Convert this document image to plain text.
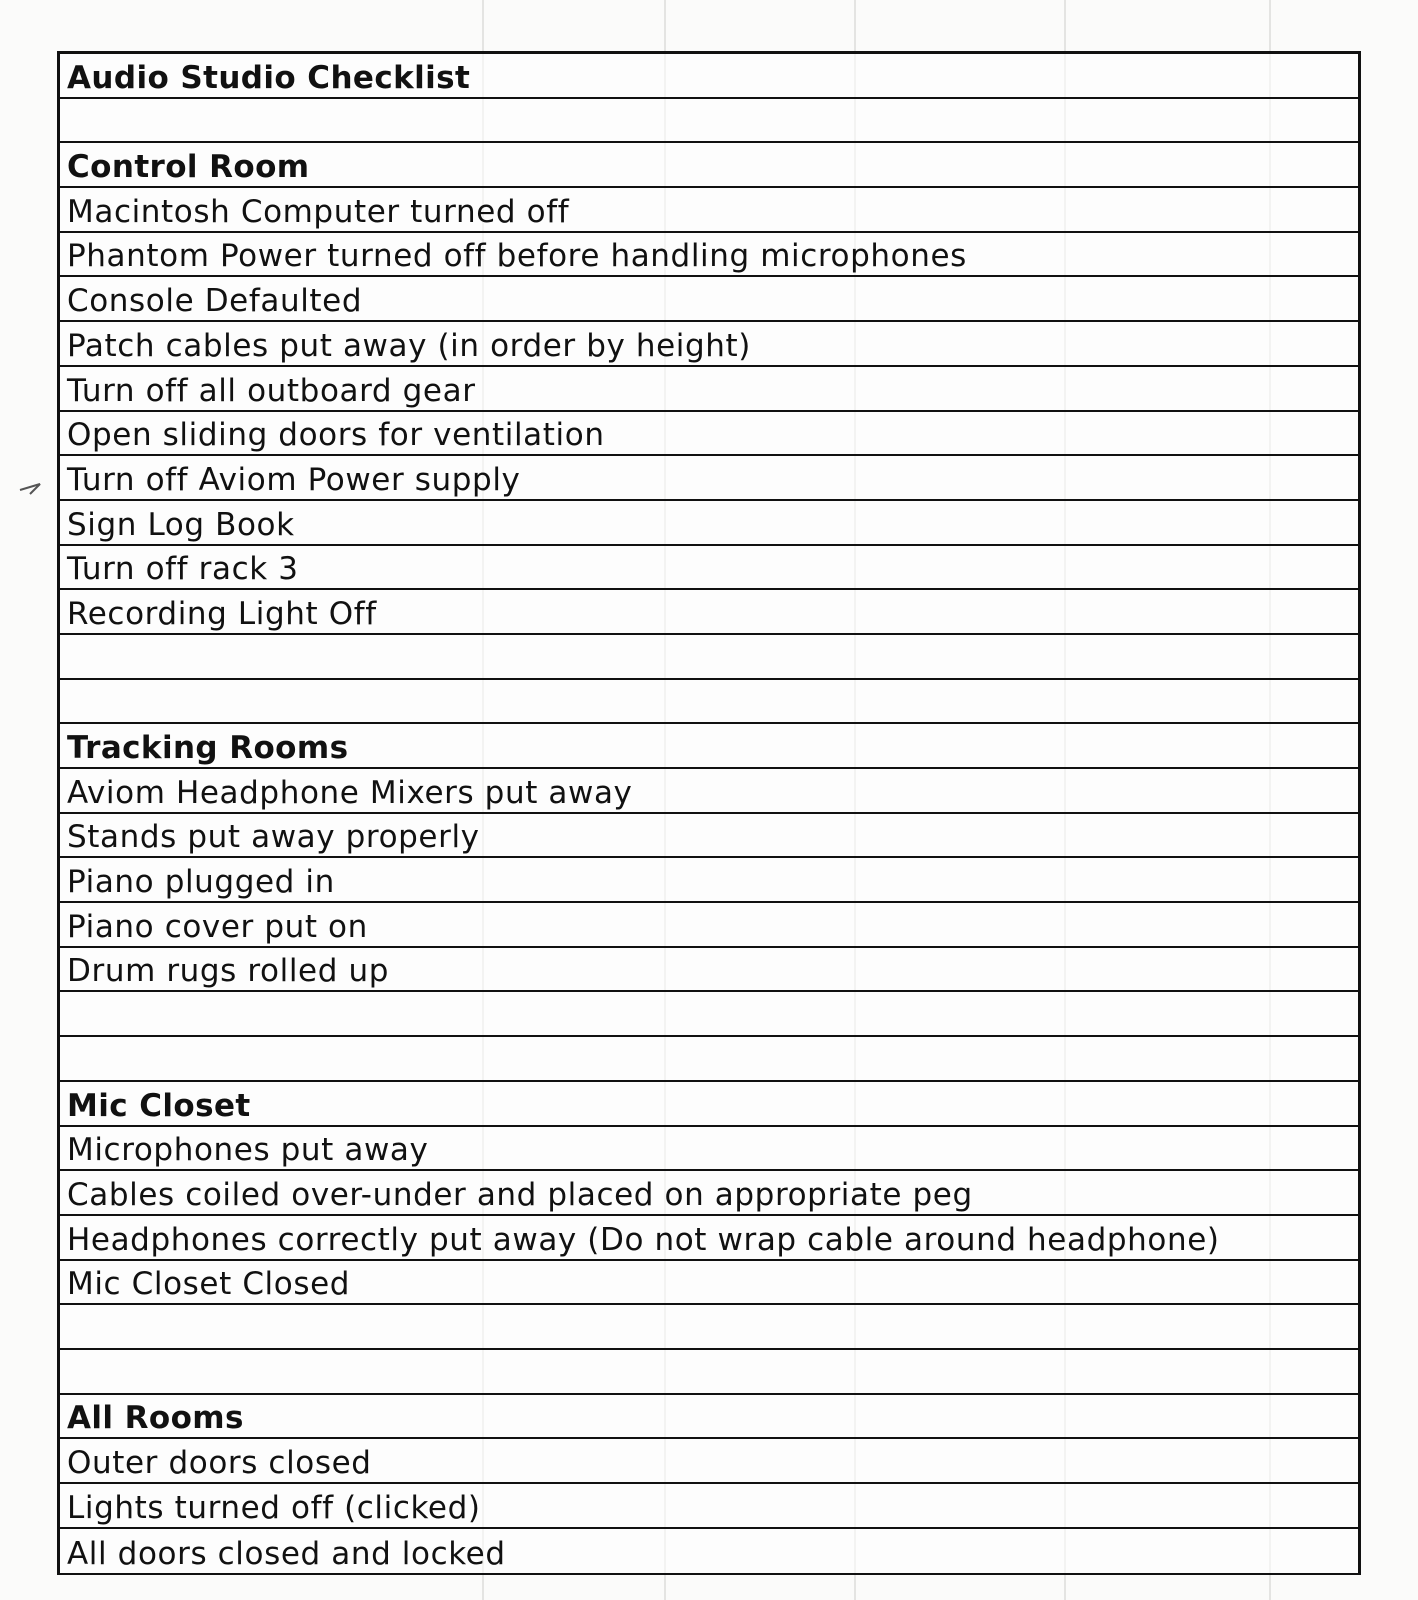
Audio Studio Checklist
Control Room
Macintosh Computer turned off
Phantom Power turned off before handling microphones
Console Defaulted
Patch cables put away (in order by height)
Turn off all outboard gear
Open sliding doors for ventilation
Turn off Aviom Power supply
Sign Log Book
Turn off rack 3
Recording Light Off
Tracking Rooms
Aviom Headphone Mixers put away
Stands put away properly
Piano plugged in
Piano cover put on
Drum rugs rolled up
Mic Closet
Microphones put away
Cables coiled over-under and placed on appropriate peg
Headphones correctly put away (Do not wrap cable around headphone)
Mic Closet Closed
All Rooms
Outer doors closed
Lights turned off (clicked)
All doors closed and locked
